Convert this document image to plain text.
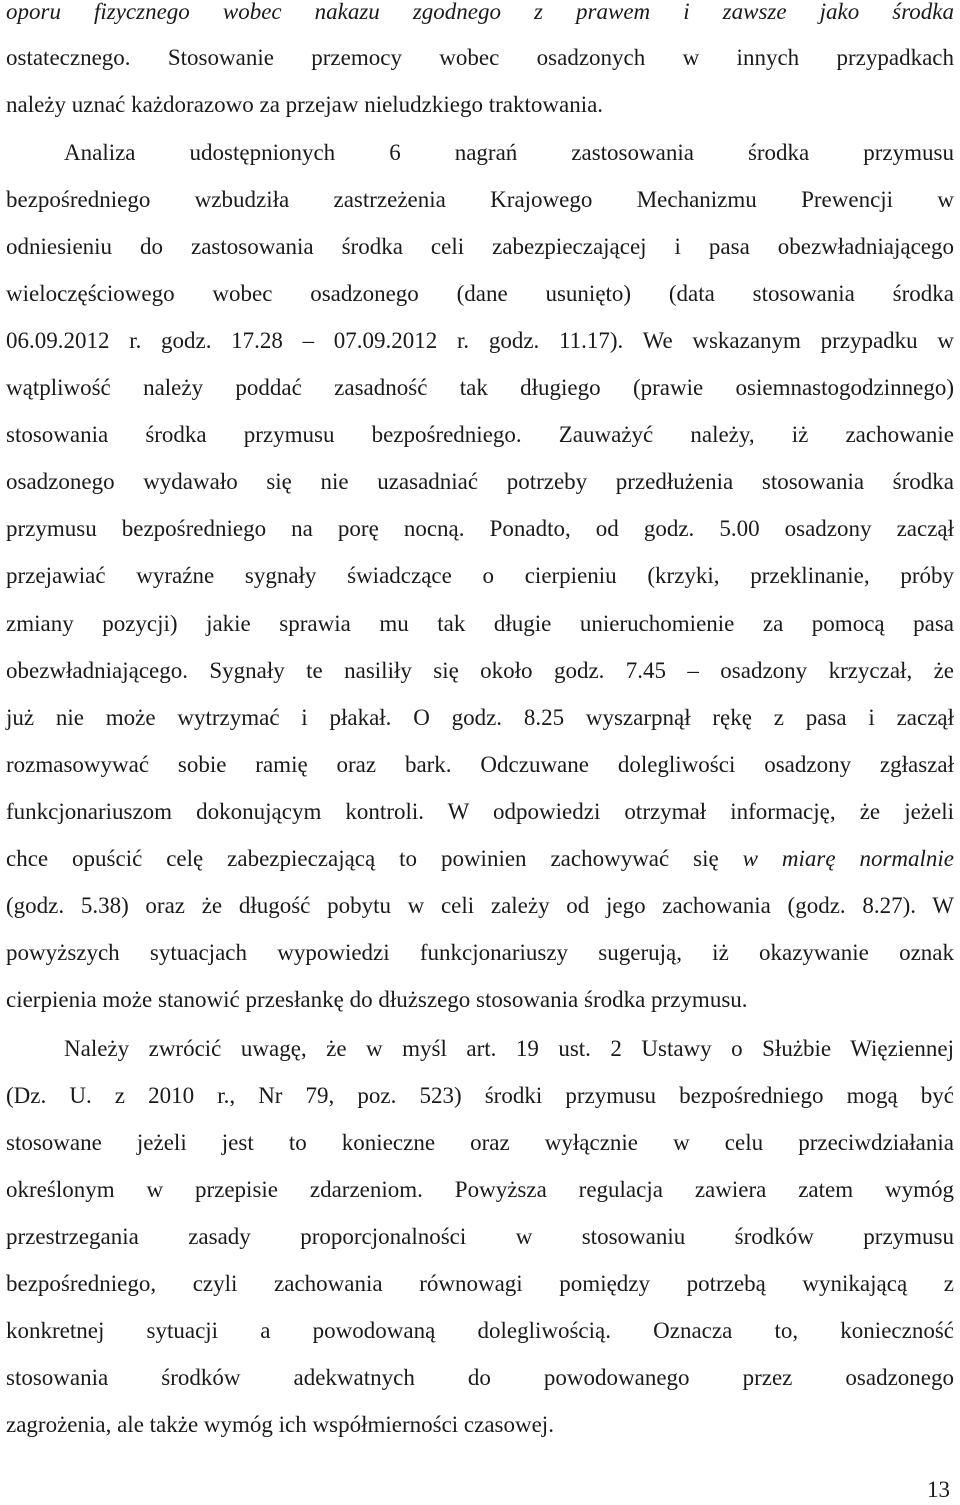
oporu fizycznego wobec nakazu zgodnego z prawem i zawsze jako środka
ostatecznego. Stosowanie przemocy wobec osadzonych w innych przypadkach
należy uznać każdorazowo za przejaw nieludzkiego traktowania.
Analiza udostępnionych 6 nagrań zastosowania środka przymusu
bezpośredniego wzbudziła zastrzeżenia Krajowego Mechanizmu Prewencji w
odniesieniu do zastosowania środka celi zabezpieczającej i pasa obezwładniającego
wieloczęściowego wobec osadzonego (dane usunięto) (data stosowania środka
06.09.2012 r. godz. 17.28 – 07.09.2012 r. godz. 11.17). We wskazanym przypadku w
wątpliwość należy poddać zasadność tak długiego (prawie osiemnastogodzinnego)
stosowania środka przymusu bezpośredniego. Zauważyć należy, iż zachowanie
osadzonego wydawało się nie uzasadniać potrzeby przedłużenia stosowania środka
przymusu bezpośredniego na porę nocną. Ponadto, od godz. 5.00 osadzony zaczął
przejawiać wyraźne sygnały świadczące o cierpieniu (krzyki, przeklinanie, próby
zmiany pozycji) jakie sprawia mu tak długie unieruchomienie za pomocą pasa
obezwładniającego. Sygnały te nasiliły się około godz. 7.45 – osadzony krzyczał, że
już nie może wytrzymać i płakał. O godz. 8.25 wyszarpnął rękę z pasa i zaczął
rozmasowywać sobie ramię oraz bark. Odczuwane dolegliwości osadzony zgłaszał
funkcjonariuszom dokonującym kontroli. W odpowiedzi otrzymał informację, że jeżeli
chce opuścić celę zabezpieczającą to powinien zachowywać się w miarę normalnie
(godz. 5.38) oraz że długość pobytu w celi zależy od jego zachowania (godz. 8.27). W
powyższych sytuacjach wypowiedzi funkcjonariuszy sugerują, iż okazywanie oznak
cierpienia może stanowić przesłankę do dłuższego stosowania środka przymusu.
Należy zwrócić uwagę, że w myśl art. 19 ust. 2 Ustawy o Służbie Więziennej
(Dz. U. z 2010 r., Nr 79, poz. 523) środki przymusu bezpośredniego mogą być
stosowane jeżeli jest to konieczne oraz wyłącznie w celu przeciwdziałania
określonym w przepisie zdarzeniom. Powyższa regulacja zawiera zatem wymóg
przestrzegania zasady proporcjonalności w stosowaniu środków przymusu
bezpośredniego, czyli zachowania równowagi pomiędzy potrzebą wynikającą z
konkretnej sytuacji a powodowaną dolegliwością. Oznacza to, konieczność
stosowania środków adekwatnych do powodowanego przez osadzonego
zagrożenia, ale także wymóg ich współmierności czasowej.
13
